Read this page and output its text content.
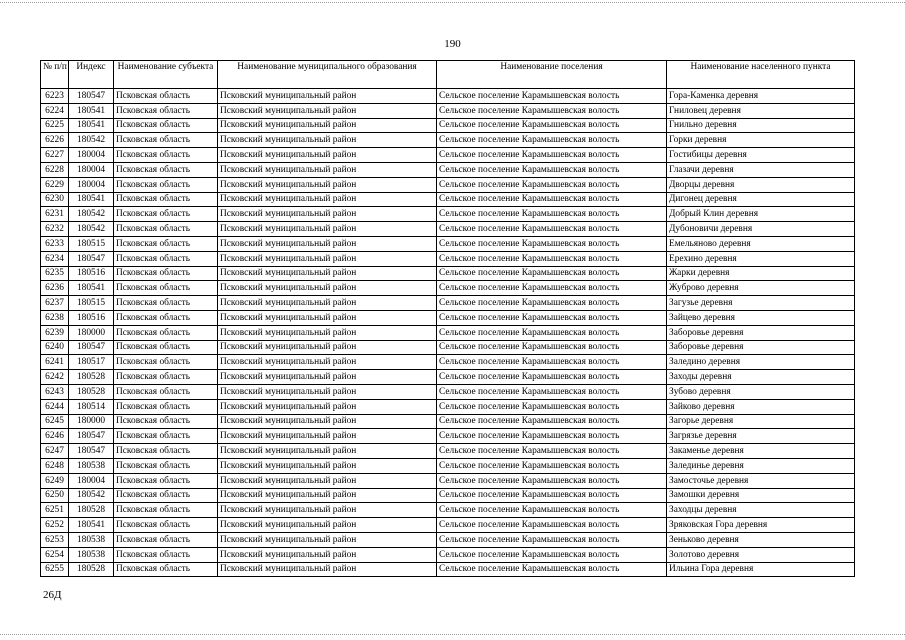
190
№ п/п	Индекс	Наименование субъекта	Наименование муниципального образования	Наименование поселения	Наименование населенного пункта
6223	180547	Псковская область	Псковский муниципальный район	Сельское поселение Карамышевская волость	Гора-Каменка деревня
6224	180541	Псковская область	Псковский муниципальный район	Сельское поселение Карамышевская волость	Гниловец деревня
6225	180541	Псковская область	Псковский муниципальный район	Сельское поселение Карамышевская волость	Гнильно деревня
6226	180542	Псковская область	Псковский муниципальный район	Сельское поселение Карамышевская волость	Горки деревня
6227	180004	Псковская область	Псковский муниципальный район	Сельское поселение Карамышевская волость	Гостибицы деревня
6228	180004	Псковская область	Псковский муниципальный район	Сельское поселение Карамышевская волость	Глазачи деревня
6229	180004	Псковская область	Псковский муниципальный район	Сельское поселение Карамышевская волость	Дворцы деревня
6230	180541	Псковская область	Псковский муниципальный район	Сельское поселение Карамышевская волость	Дигонец деревня
6231	180542	Псковская область	Псковский муниципальный район	Сельское поселение Карамышевская волость	Добрый Клин деревня
6232	180542	Псковская область	Псковский муниципальный район	Сельское поселение Карамышевская волость	Дубоновичи деревня
6233	180515	Псковская область	Псковский муниципальный район	Сельское поселение Карамышевская волость	Емельяново деревня
6234	180547	Псковская область	Псковский муниципальный район	Сельское поселение Карамышевская волость	Ерехино деревня
6235	180516	Псковская область	Псковский муниципальный район	Сельское поселение Карамышевская волость	Жарки деревня
6236	180541	Псковская область	Псковский муниципальный район	Сельское поселение Карамышевская волость	Жуброво деревня
6237	180515	Псковская область	Псковский муниципальный район	Сельское поселение Карамышевская волость	Загузье деревня
6238	180516	Псковская область	Псковский муниципальный район	Сельское поселение Карамышевская волость	Зайцево деревня
6239	180000	Псковская область	Псковский муниципальный район	Сельское поселение Карамышевская волость	Заборовье деревня
6240	180547	Псковская область	Псковский муниципальный район	Сельское поселение Карамышевская волость	Заборовье деревня
6241	180517	Псковская область	Псковский муниципальный район	Сельское поселение Карамышевская волость	Заледино деревня
6242	180528	Псковская область	Псковский муниципальный район	Сельское поселение Карамышевская волость	Заходы деревня
6243	180528	Псковская область	Псковский муниципальный район	Сельское поселение Карамышевская волость	Зубово деревня
6244	180514	Псковская область	Псковский муниципальный район	Сельское поселение Карамышевская волость	Зайково деревня
6245	180000	Псковская область	Псковский муниципальный район	Сельское поселение Карамышевская волость	Загорье деревня
6246	180547	Псковская область	Псковский муниципальный район	Сельское поселение Карамышевская волость	Загрязье деревня
6247	180547	Псковская область	Псковский муниципальный район	Сельское поселение Карамышевская волость	Закаменье деревня
6248	180538	Псковская область	Псковский муниципальный район	Сельское поселение Карамышевская волость	Залединье деревня
6249	180004	Псковская область	Псковский муниципальный район	Сельское поселение Карамышевская волость	Замосточье деревня
6250	180542	Псковская область	Псковский муниципальный район	Сельское поселение Карамышевская волость	Замошки деревня
6251	180528	Псковская область	Псковский муниципальный район	Сельское поселение Карамышевская волость	Заходцы деревня
6252	180541	Псковская область	Псковский муниципальный район	Сельское поселение Карамышевская волость	Зряковская Гора деревня
6253	180538	Псковская область	Псковский муниципальный район	Сельское поселение Карамышевская волость	Зеньково деревня
6254	180538	Псковская область	Псковский муниципальный район	Сельское поселение Карамышевская волость	Золотово деревня
6255	180528	Псковская область	Псковский муниципальный район	Сельское поселение Карамышевская волость	Ильина Гора деревня
26Д
